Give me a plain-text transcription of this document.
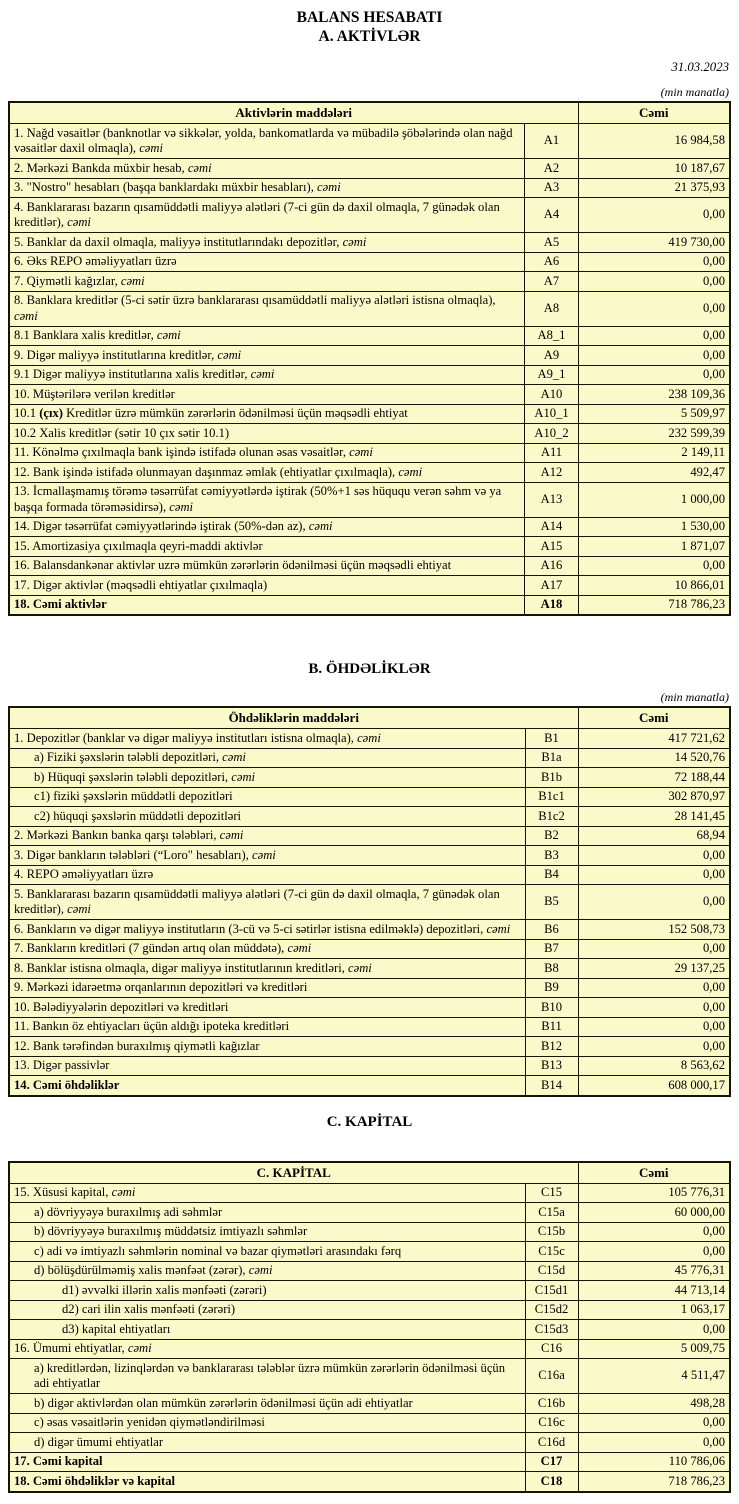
BALANS HESABATI
A. AKTİVLƏR
31.03.2023
(min manatla)
Aktivlərin maddələri		Cəmi
1. Nağd vəsaitlər (banknotlar və sikkələr, yolda, bankomatlarda və mübadilə şöbələrində olan nağd vəsaitlər daxil olmaqla), cəmi	A1	16 984,58
2. Mərkəzi Bankda müxbir hesab, cəmi	A2	10 187,67
3. "Nostro" hesabları (başqa banklardakı müxbir hesabları), cəmi	A3	21 375,93
4. Banklararası bazarın qısamüddətli maliyyə alətləri (7-ci gün də daxil olmaqla, 7 günədək olan kreditlər), cəmi	A4	0,00
5. Banklar da daxil olmaqla, maliyyə institutlarındakı depozitlər, cəmi	A5	419 730,00
6. Əks REPO əməliyyatları üzrə	A6	0,00
7. Qiymətli kağızlar, cəmi	A7	0,00
8. Banklara kreditlər (5-ci sətir üzrə banklararası qısamüddətli maliyyə alətləri istisna olmaqla), cəmi	A8	0,00
8.1 Banklara xalis kreditlər, cəmi	A8_1	0,00
9. Digər maliyyə institutlarına kreditlər, cəmi	A9	0,00
9.1 Digər maliyyə institutlarına xalis kreditlər, cəmi	A9_1	0,00
10. Müştərilərə verilən kreditlər	A10	238 109,36
10.1 (çıx) Kreditlər üzrə mümkün zərərlərin ödənilməsi üçün məqsədli ehtiyat	A10_1	5 509,97
10.2 Xalis kreditlər (sətir 10 çıx sətir 10.1)	A10_2	232 599,39
11. Könəlmə çıxılmaqla bank işində istifadə olunan əsas vəsaitlər, cəmi	A11	2 149,11
12. Bank işində istifadə olunmayan daşınmaz əmlak (ehtiyatlar çıxılmaqla), cəmi	A12	492,47
13. İcmallaşmamış törəmə təsərrüfat cəmiyyətlərdə iştirak (50%+1 səs hüququ verən səhm və ya başqa formada törəməsidirsə), cəmi	A13	1 000,00
14. Digər təsərrüfat cəmiyyətlərində iştirak (50%-dən az), cəmi	A14	1 530,00
15. Amortizasiya çıxılmaqla qeyri-maddi aktivlər	A15	1 871,07
16. Balansdankənar aktivlər uzrə mümkün zərərlərin ödənilməsi üçün məqsədli ehtiyat	A16	0,00
17. Digər aktivlər (məqsədli ehtiyatlar çıxılmaqla)	A17	10 866,01
18. Cəmi aktivlər	A18	718 786,23
B. ÖHDƏLİKLƏR
(min manatla)
Öhdəliklərin maddələri		Cəmi
1. Depozitlər (banklar və digər maliyyə institutları istisna olmaqla), cəmi	B1	417 721,62
a) Fiziki şəxslərin tələbli depozitləri, cəmi	B1a	14 520,76
b) Hüquqi şəxslərin tələbli depozitləri, cəmi	B1b	72 188,44
c1) fiziki şəxslərin müddətli depozitləri	B1c1	302 870,97
c2) hüquqi şəxslərin müddətli depozitləri	B1c2	28 141,45
2. Mərkəzi Bankın banka qarşı tələbləri, cəmi	B2	68,94
3. Digər bankların tələbləri (“Loro" hesabları), cəmi	B3	0,00
4. REPO əməliyyatları üzrə	B4	0,00
5. Banklararası bazarın qısamüddətli maliyyə alətləri (7-ci gün də daxil olmaqla, 7 günədək olan kreditlər), cəmi	B5	0,00
6. Bankların və digər maliyyə institutların (3-cü və 5-ci sətirlər istisna edilməklə) depozitləri, cəmi	B6	152 508,73
7. Bankların kreditləri (7 gündən artıq olan müddətə), cəmi	B7	0,00
8. Banklar istisna olmaqla, digər maliyyə institutlarının kreditləri, cəmi	B8	29 137,25
9. Mərkəzi idarəetmə orqanlarının depozitləri və kreditləri	B9	0,00
10. Bələdiyyələrin depozitləri və kreditləri	B10	0,00
11. Bankın öz ehtiyacları üçün aldığı ipoteka kreditləri	B11	0,00
12. Bank tərəfindən buraxılmış qiymətli kağızlar	B12	0,00
13. Digər passivlər	B13	8 563,62
14. Cəmi öhdəliklər	B14	608 000,17
C. KAPİTAL
C. KAPİTAL		Cəmi
15. Xüsusi kapital, cəmi	C15	105 776,31
a) dövriyyəyə buraxılmış adi səhmlər	C15a	60 000,00
b) dövriyyəyə buraxılmış müddətsiz imtiyazlı səhmlər	C15b	0,00
c) adi və imtiyazlı səhmlərin nominal və bazar qiymətləri arasındakı fərq	C15c	0,00
d) bölüşdürülməmiş xalis mənfəət (zərər), cəmi	C15d	45 776,31
d1) əvvəlki illərin xalis mənfəəti (zərəri)	C15d1	44 713,14
d2) cari ilin xalis mənfəəti (zərəri)	C15d2	1 063,17
d3) kapital ehtiyatları	C15d3	0,00
16. Ümumi ehtiyatlar, cəmi	C16	5 009,75
a) kreditlərdən, lizinqlərdən və banklararası tələblər üzrə mümkün zərərlərin ödənilməsi üçün adi ehtiyatlar	C16a	4 511,47
b) digər aktivlərdən olan mümkün zərərlərin ödənilməsi üçün adi ehtiyatlar	C16b	498,28
c) əsas vəsaitlərin yenidən qiymətləndirilməsi	C16c	0,00
d) digər ümumi ehtiyatlar	C16d	0,00
17. Cəmi kapital	C17	110 786,06
18. Cəmi öhdəliklər və kapital	C18	718 786,23
